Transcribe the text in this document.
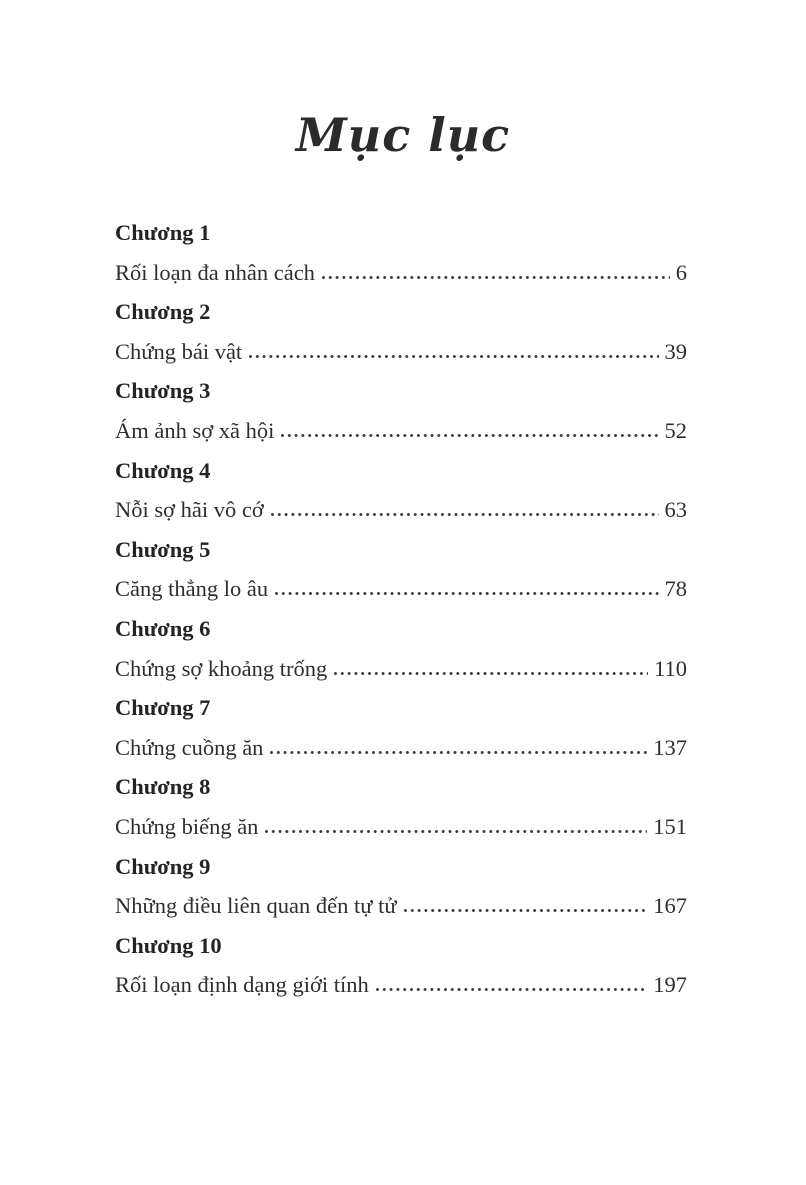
Mục lục
Chương 1
Rối loạn đa nhân cách	6
Chương 2
Chứng bái vật	39
Chương 3
Ám ảnh sợ xã hội	52
Chương 4
Nỗi sợ hãi vô cớ	63
Chương 5
Căng thẳng lo âu	78
Chương 6
Chứng sợ khoảng trống	110
Chương 7
Chứng cuồng ăn	137
Chương 8
Chứng biếng ăn	151
Chương 9
Những điều liên quan đến tự tử	167
Chương 10
Rối loạn định dạng giới tính	197
